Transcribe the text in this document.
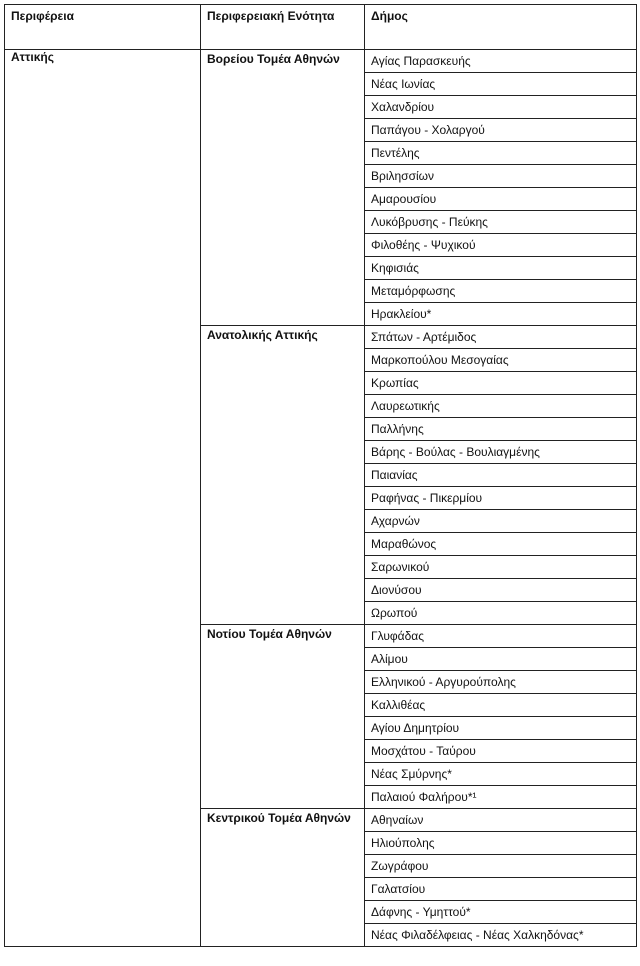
Περιφέρεια	Περιφερειακή Ενότητα	Δήμος
Αττικής	Βορείου Τομέα Αθηνών	Αγίας Παρασκευής
		Νέας Ιωνίας
		Χαλανδρίου
		Παπάγου - Χολαργού
		Πεντέλης
		Βριλησσίων
		Αμαρουσίου
		Λυκόβρυσης - Πεύκης
		Φιλοθέης - Ψυχικού
		Κηφισιάς
		Μεταμόρφωσης
		Ηρακλείου*
	Ανατολικής Αττικής	Σπάτων - Αρτέμιδος
		Μαρκοπούλου Μεσογαίας
		Κρωπίας
		Λαυρεωτικής
		Παλλήνης
		Βάρης - Βούλας - Βουλιαγμένης
		Παιανίας
		Ραφήνας - Πικερμίου
		Αχαρνών
		Μαραθώνος
		Σαρωνικού
		Διονύσου
		Ωρωπού
	Νοτίου Τομέα Αθηνών	Γλυφάδας
		Αλίμου
		Ελληνικού - Αργυρούπολης
		Καλλιθέας
		Αγίου Δημητρίου
		Μοσχάτου - Ταύρου
		Νέας Σμύρνης*
		Παλαιού Φαλήρου*¹
	Κεντρικού Τομέα Αθηνών	Αθηναίων
		Ηλιούπολης
		Ζωγράφου
		Γαλατσίου
		Δάφνης - Υμηττού*
		Νέας Φιλαδέλφειας - Νέας Χαλκηδόνας*
